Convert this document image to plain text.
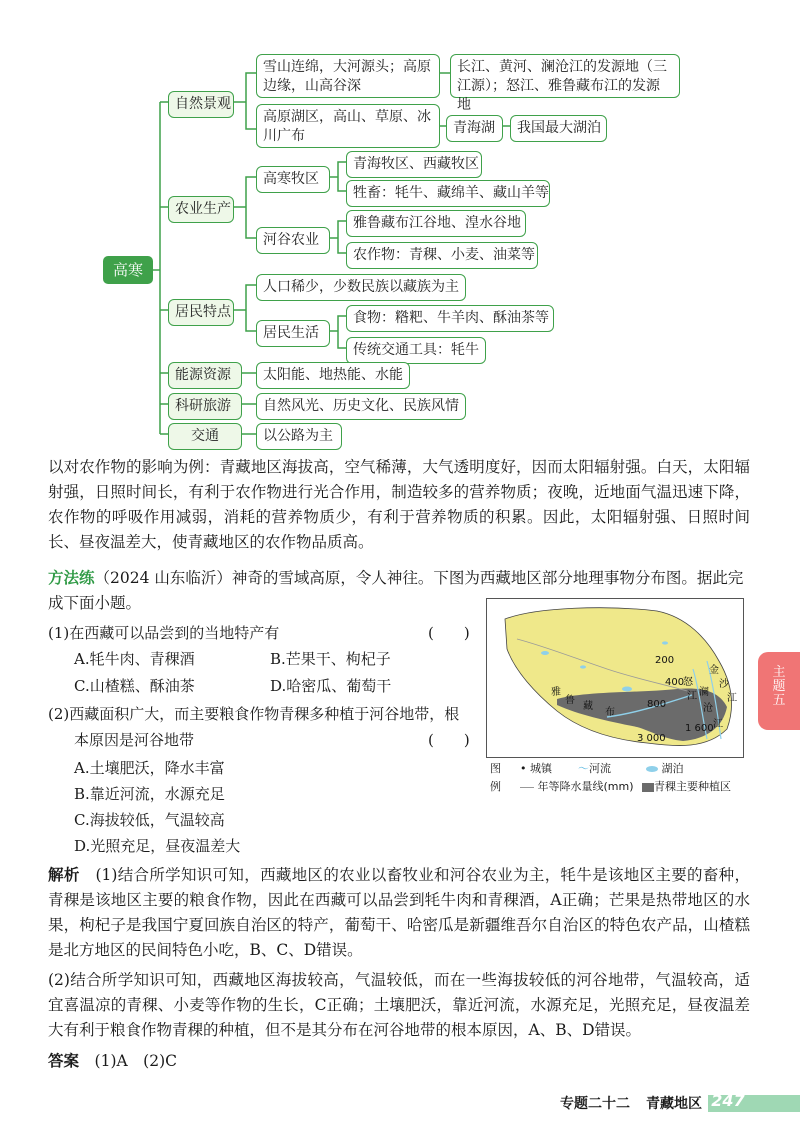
高寒
自然景观
雪山连绵，大河源头；高原边缘，山高谷深
长江、黄河、澜沧江的发源地（三江源）；怒江、雅鲁藏布江的发源地
高原湖区，高山、草原、冰川广布	青海湖	我国最大湖泊
农业生产
高寒牧区
青海牧区、西藏牧区
牲畜：牦牛、藏绵羊、藏山羊等
河谷农业
雅鲁藏布江谷地、湟水谷地
农作物：青稞、小麦、油菜等
居民特点
人口稀少，少数民族以藏族为主
居民生活
食物：糌粑、牛羊肉、酥油茶等
传统交通工具：牦牛
能源资源	太阳能、地热能、水能
科研旅游	自然风光、历史文化、民族风情
交通	以公路为主
以对农作物的影响为例：青藏地区海拔高，空气稀薄，大气透明度好，因而太阳辐射强。白天，太阳辐射强，日照时间长，有利于农作物进行光合作用，制造较多的营养物质；夜晚，近地面气温迅速下降，农作物的呼吸作用减弱，消耗的营养物质少，有利于营养物质的积累。因此，太阳辐射强、日照时间长、昼夜温差大，使青藏地区的农作物品质高。
方法练（2024 山东临沂）神奇的雪域高原，令人神往。下图为西藏地区部分地理事物分布图。据此完
成下面小题。
(1)在西藏可以品尝到的当地特产有	(　　)
A.牦牛肉、青稞酒	B.芒果干、枸杞子
C.山楂糕、酥油茶	D.哈密瓜、葡萄干
(2)西藏面积广大，而主要粮食作物青稞多种植于河谷地带，根
本原因是河谷地带	(　　)
A.土壤肥沃，降水丰富
B.靠近河流，水源充足
C.海拔较低，气温较高
D.光照充足，昼夜温差大
200
400
800
1 600
3 000
雅
鲁
藏
布
金
沙
江
怒
江 澜
沧
江
图
例
• 城镇 〜河流	湖泊
年等降水量线(mm)	青稞主要种植区
解析　 (1)结合所学知识可知，西藏地区的农业以畜牧业和河谷农业为主，牦牛是该地区主要的畜种，青稞是该地区主要的粮食作物，因此在西藏可以品尝到牦牛肉和青稞酒，A正确；芒果是热带地区的水果，枸杞子是我国宁夏回族自治区的特产，葡萄干、哈密瓜是新疆维吾尔自治区的特色农产品，山楂糕是北方地区的民间特色小吃，B、C、D错误。
(2)结合所学知识可知，西藏地区海拔较高，气温较低，而在一些海拔较低的河谷地带，气温较高，适宜喜温凉的青稞、小麦等作物的生长，C正确；土壤肥沃，靠近河流，水源充足，光照充足，昼夜温差大有利于粮食作物青稞的种植，但不是其分布在河谷地带的根本原因，A、B、D错误。
答案　 (1)A　(2)C
主
题
五
专题二十二 青藏地区 247
